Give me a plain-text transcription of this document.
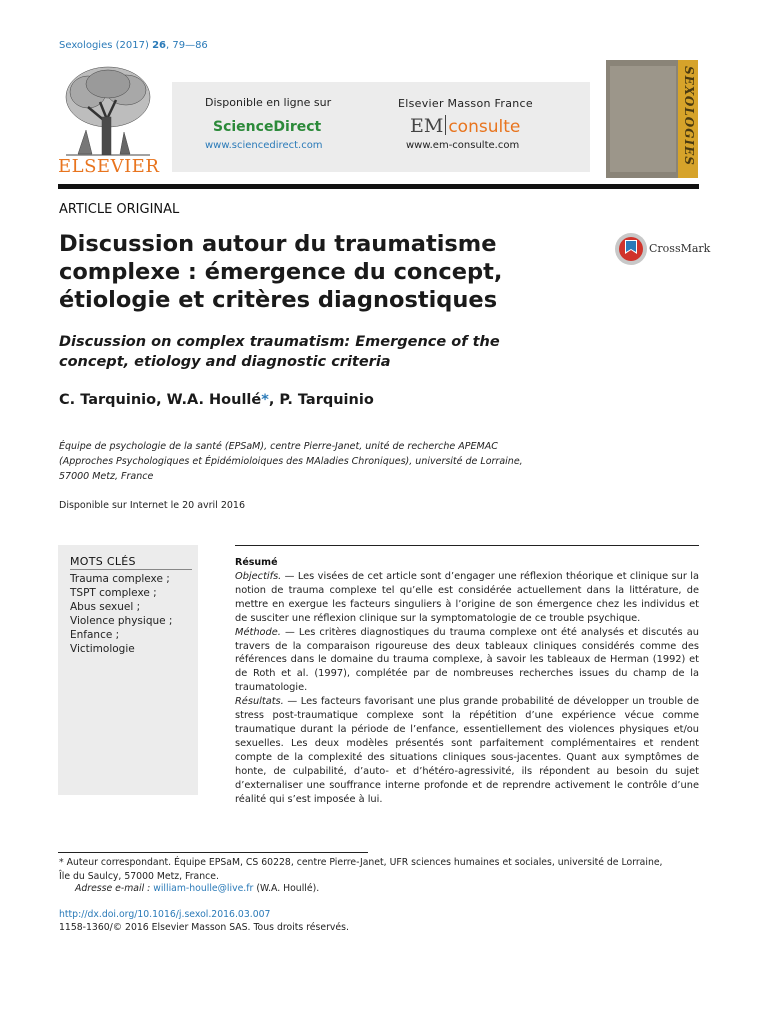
Sexologies (2017) 26, 79—86
ELSEVIER
Disponible en ligne sur
ScienceDirect
www.sciencedirect.com
Elsevier Masson France
EM consulte
www.em-consulte.com	SEXOLOGIES
ARTICLE ORIGINAL
Discussion autour du traumatisme
complexe : émergence du concept,
étiologie et critères diagnostiques
CrossMark
Discussion on complex traumatism: Emergence of the
concept, etiology and diagnostic criteria
C. Tarquinio, W.A. Houllé*, P. Tarquinio
Équipe de psychologie de la santé (EPSaM), centre Pierre-Janet, unité de recherche APEMAC
(Approches Psychologiques et Épidémioloiques des MAladies Chroniques), université de Lorraine,
57000 Metz, France
Disponible sur Internet le 20 avril 2016
MOTS CLÉS
Trauma complexe ;
TSPT complexe ;
Abus sexuel ;
Violence physique ;
Enfance ;
Victimologie
Résumé
Objectifs. — Les visées de cet article sont d’engager une réflexion théorique et clinique sur la notion de trauma complexe tel qu’elle est considérée actuellement dans la littérature, de mettre en exergue les facteurs singuliers à l’origine de son émergence chez les individus et de susciter une réflexion clinique sur la symptomatologie de ce trouble psychique.
Méthode. — Les critères diagnostiques du trauma complexe ont été analysés et discutés au travers de la comparaison rigoureuse des deux tableaux cliniques considérés comme des références dans le domaine du trauma complexe, à savoir les tableaux de Herman (1992) et de Roth et al. (1997), complétée par de nombreuses recherches issues du champ de la traumatologie.
Résultats. — Les facteurs favorisant une plus grande probabilité de développer un trouble de stress post-traumatique complexe sont la répétition d’une expérience vécue comme traumatique durant la période de l’enfance, essentiellement des violences physiques et/ou sexuelles. Les deux modèles présentés sont parfaitement complémentaires et rendent compte de la complexité des situations cliniques sous-jacentes. Quant aux symptômes de honte, de culpabilité, d’auto- et d’hétéro-agressivité, ils répondent au besoin du sujet d’externaliser une souffrance interne profonde et de reprendre activement le contrôle d’une réalité qui s’est imposée à lui.
* Auteur correspondant. Équipe EPSaM, CS 60228, centre Pierre-Janet, UFR sciences humaines et sociales, université de Lorraine,
Île du Saulcy, 57000 Metz, France.
Adresse e-mail : william-houlle@live.fr (W.A. Houllé).
http://dx.doi.org/10.1016/j.sexol.2016.03.007
1158-1360/© 2016 Elsevier Masson SAS. Tous droits réservés.
